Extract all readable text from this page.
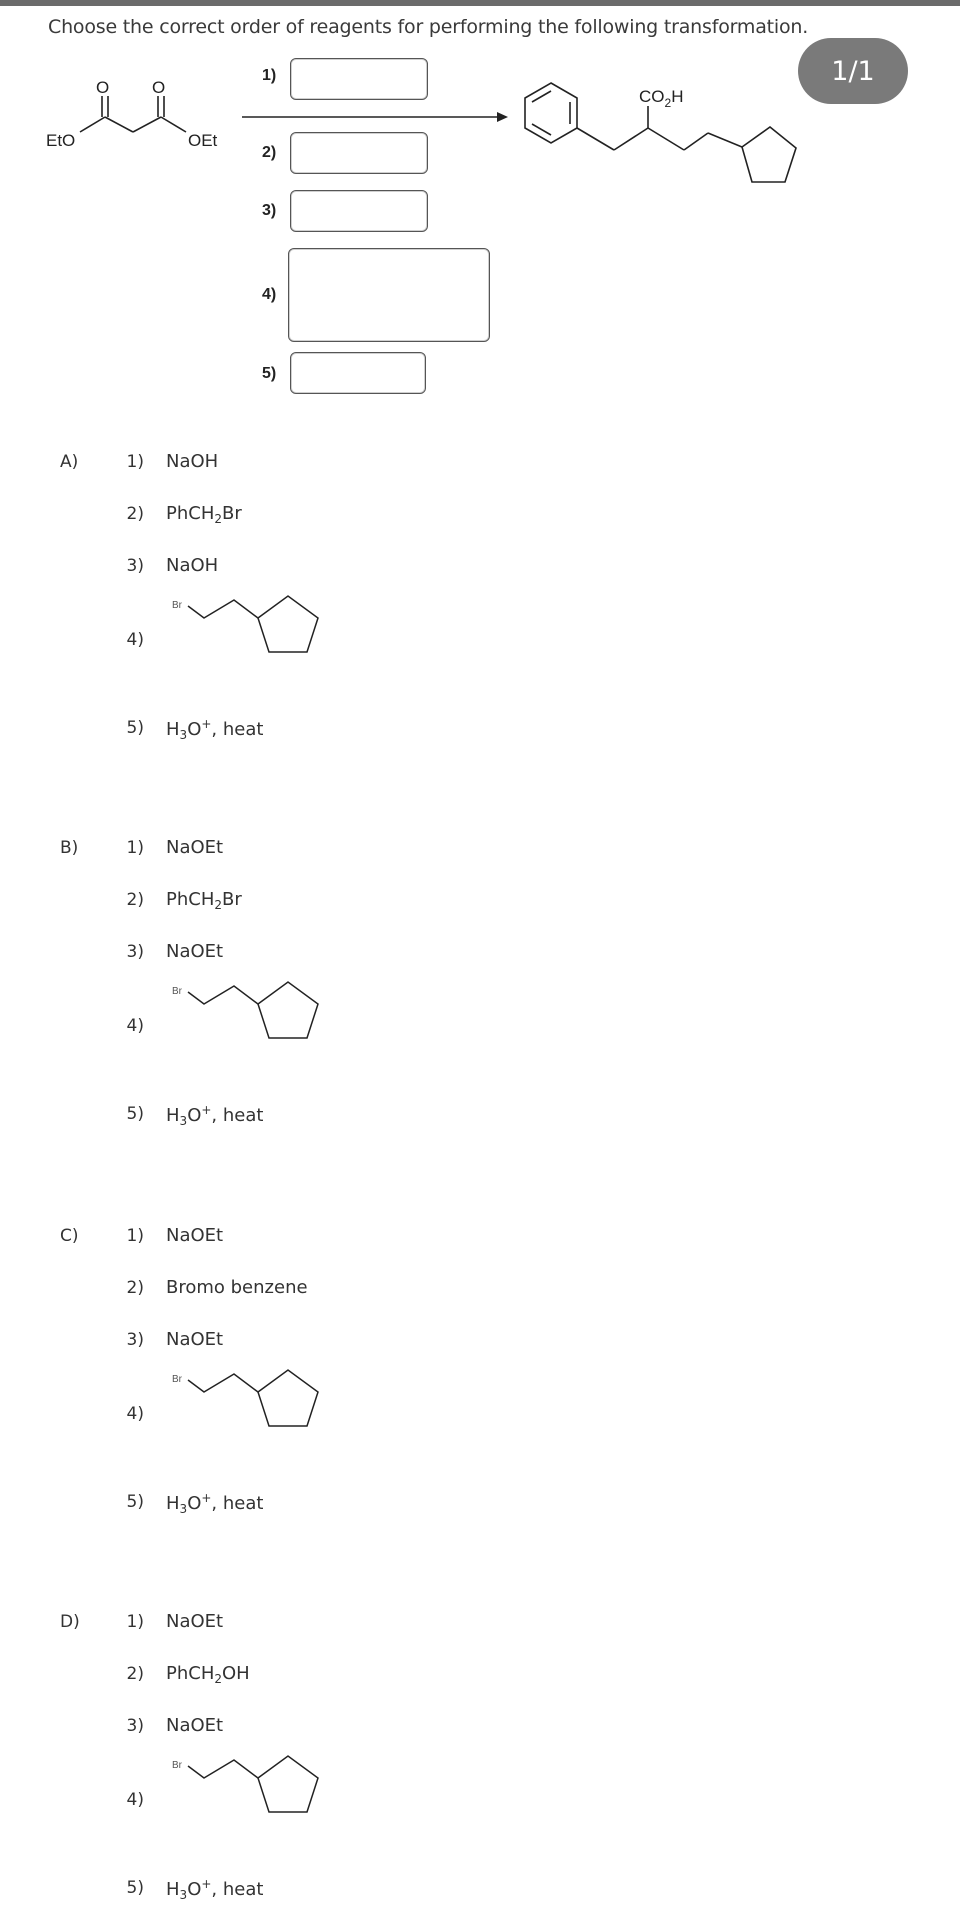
Choose the correct order of reagents for performing the following transformation.
1/1
O	O
EtO	OEt
$CO_2H$
1)
2)
3)
4)
5)
A)	1) NaOH
2) PhCH$_2$Br
3) NaOH
4)
Br
5) $H_3O^+$, heat
B)	1) NaOEt
2) PhCH$_2$Br
3) NaOEt
4)
Br
5) $H_3O^+$, heat
C)	1) NaOEt
2) Bromo benzene
3) NaOEt
4)
Br
5) $H_3O^+$, heat
D)	1) NaOEt
2) PhCH$_2$OH
3) NaOEt
4)
Br
5) $H_3O^+$, heat
